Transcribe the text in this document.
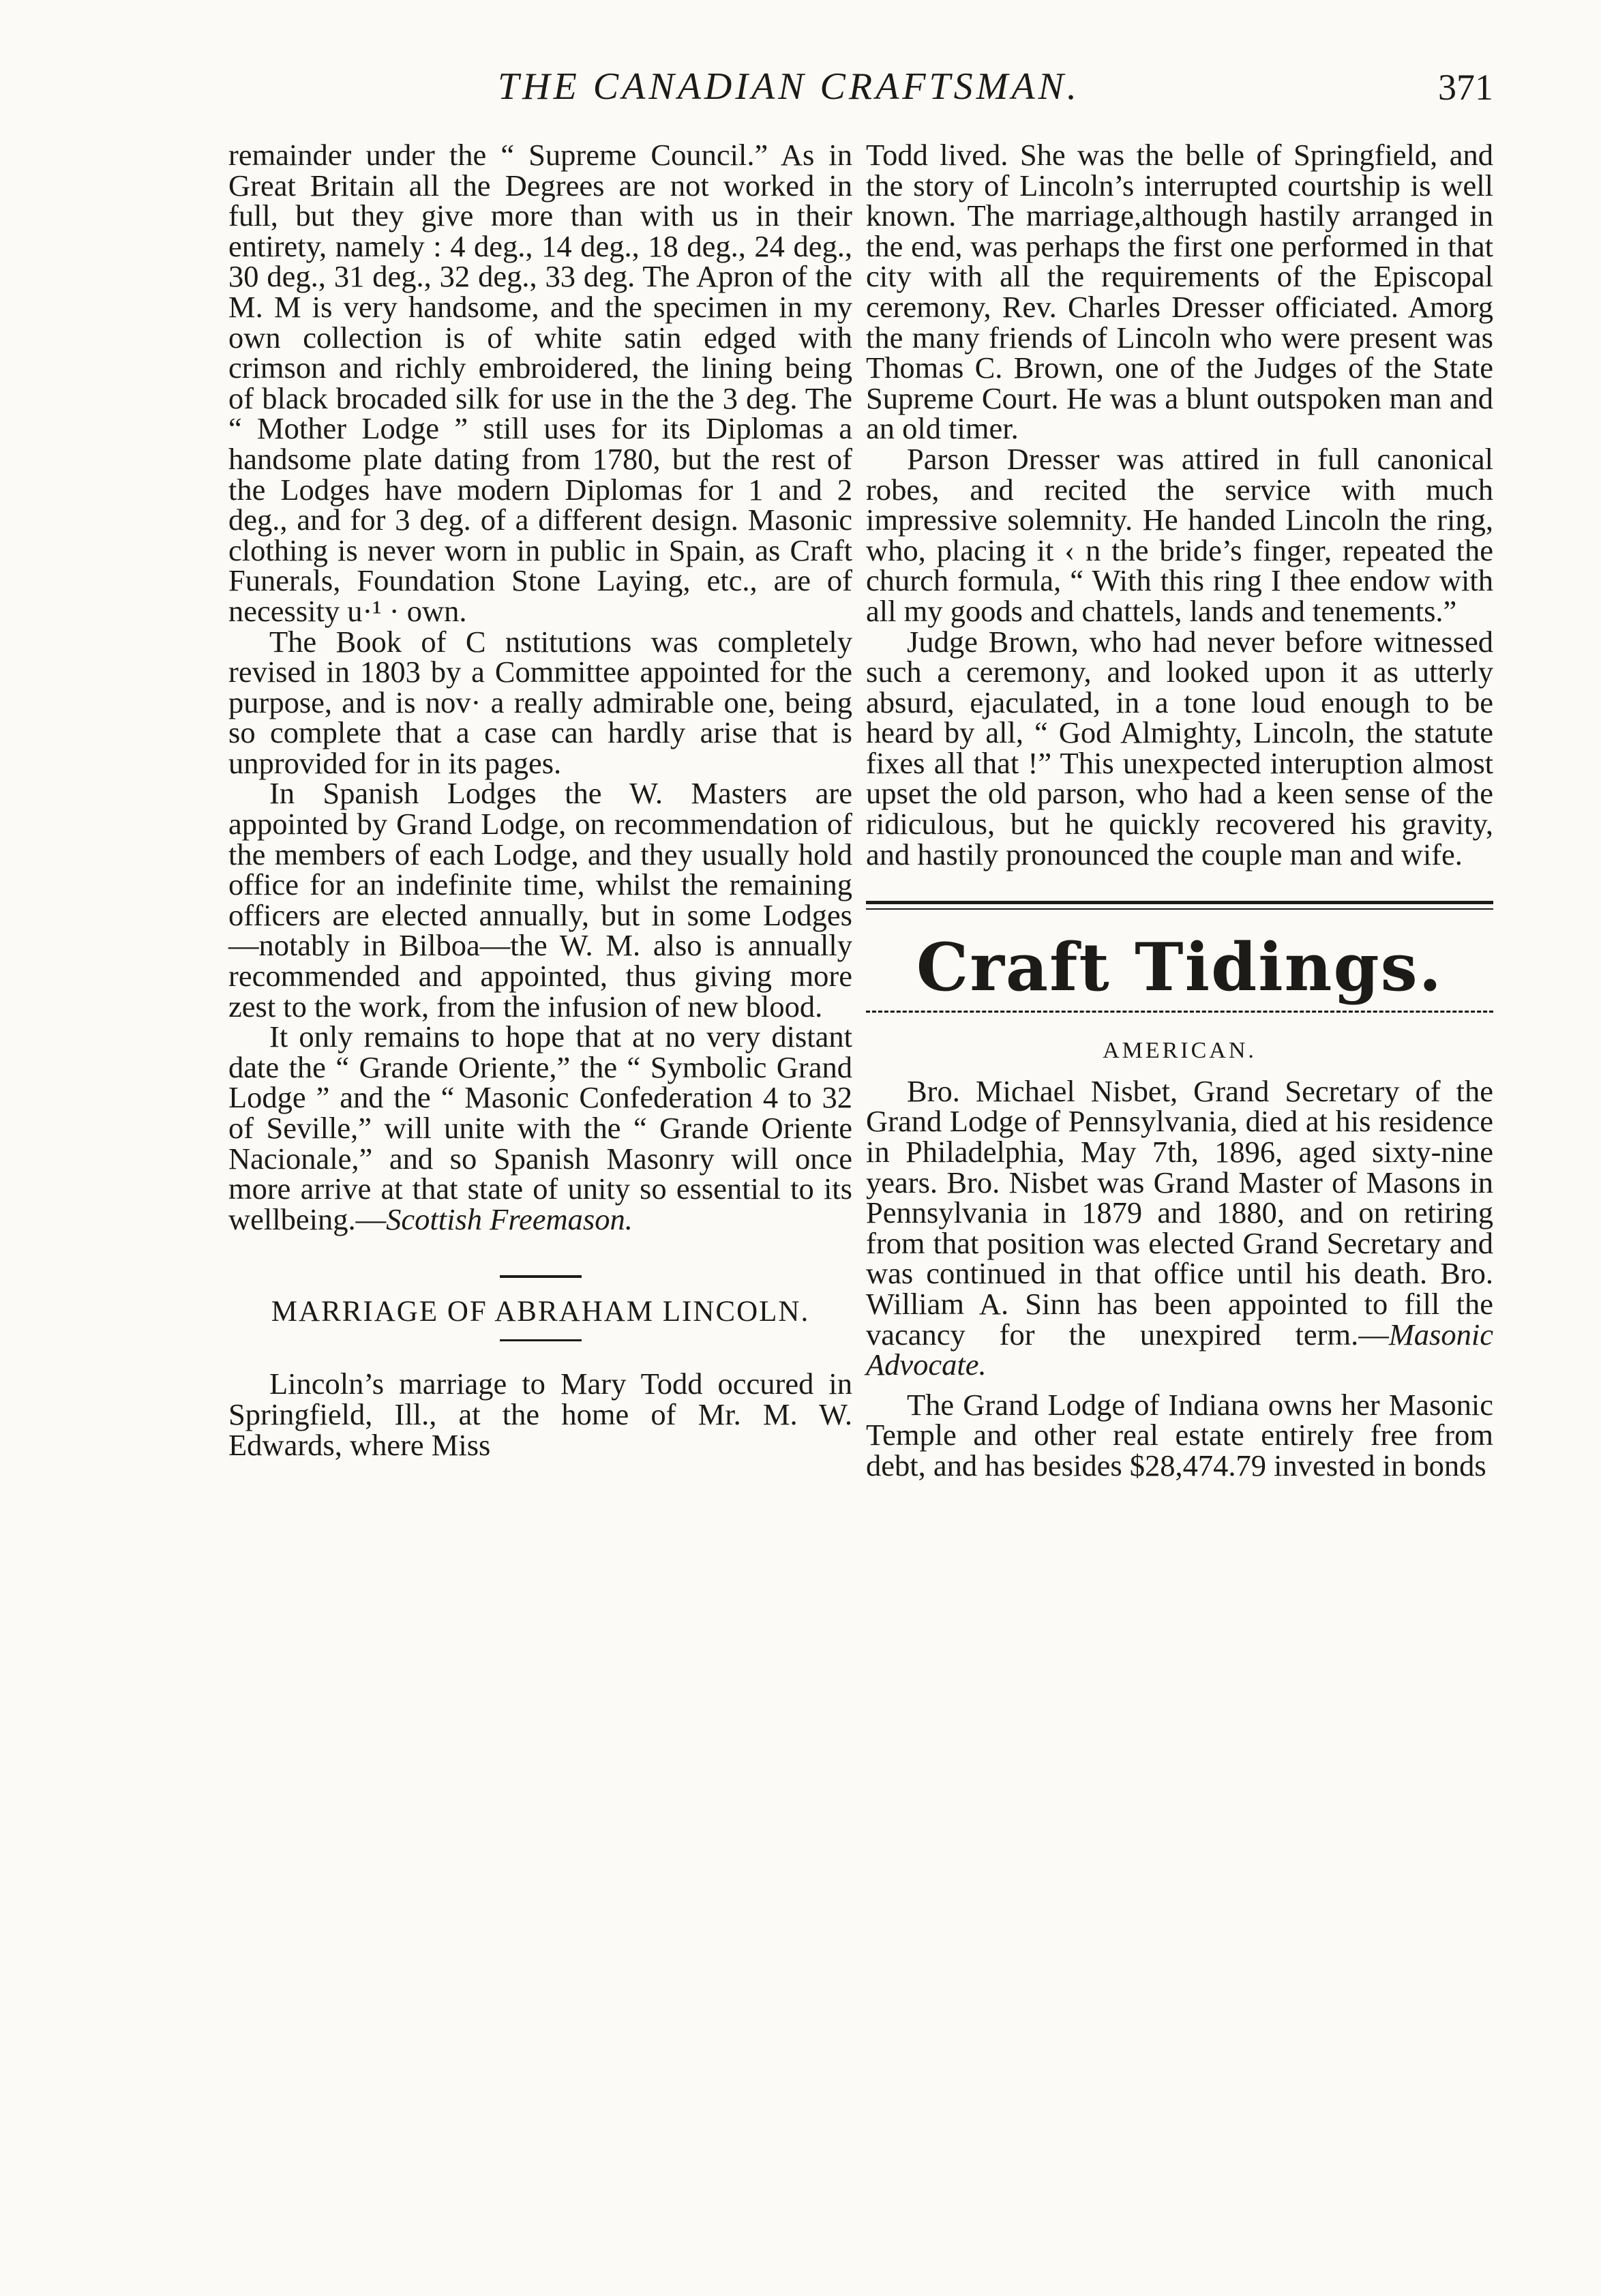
THE CANADIAN CRAFTSMAN.	371

remainder under the “ Supreme Council.” As in Great Britain all the Degrees are not worked in full, but they give more than with us in their entirety, namely : 4 deg., 14 deg., 18 deg., 24 deg., 30 deg., 31 deg., 32 deg., 33 deg. The Apron of the M. M is very handsome, and the specimen in my own collection is of white satin edged with crimson and richly embroidered, the lining being of black brocaded silk for use in the the 3 deg. The “ Mother Lodge ” still uses for its Diplomas a handsome plate dating from 1780, but the rest of the Lodges have modern Diplomas for 1 and 2 deg., and for 3 deg. of a different design. Masonic clothing is never worn in public in Spain, as Craft Funerals, Foundation Stone Laying, etc., are of necessity u·¹ · own.

The Book of C nstitutions was completely revised in 1803 by a Committee appointed for the purpose, and is nov· a really admirable one, being so complete that a case can hardly arise that is unprovided for in its pages.

In Spanish Lodges the W. Masters are appointed by Grand Lodge, on recommendation of the members of each Lodge, and they usually hold office for an indefinite time, whilst the remaining officers are elected annually, but in some Lodges—notably in Bilboa—the W. M. also is annually recommended and appointed, thus giving more zest to the work, from the infusion of new blood.

It only remains to hope that at no very distant date the “ Grande Oriente,” the “ Symbolic Grand Lodge ” and the “ Masonic Confederation 4 to 32 of Seville,” will unite with the “ Grande Oriente Nacionale,” and so Spanish Masonry will once more arrive at that state of unity so essential to its wellbeing.—Scottish Freemason.

MARRIAGE OF ABRAHAM LINCOLN.

Lincoln’s marriage to Mary Todd occured in Springfield, Ill., at the home of Mr. M. W. Edwards, where Miss

Todd lived. She was the belle of Springfield, and the story of Lincoln’s interrupted courtship is well known. The marriage,although hastily arranged in the end, was perhaps the first one performed in that city with all the requirements of the Episcopal ceremony, Rev. Charles Dresser officiated. Amorg the many friends of Lincoln who were present was Thomas C. Brown, one of the Judges of the State Supreme Court. He was a blunt outspoken man and an old timer.

Parson Dresser was attired in full canonical robes, and recited the service with much impressive solemnity. He handed Lincoln the ring, who, placing it ‹ n the bride’s finger, repeated the church formula, “ With this ring I thee endow with all my goods and chattels, lands and tenements.”

Judge Brown, who had never before witnessed such a ceremony, and looked upon it as utterly absurd, ejaculated, in a tone loud enough to be heard by all, “ God Almighty, Lincoln, the statute fixes all that !” This unexpected interuption almost upset the old parson, who had a keen sense of the ridiculous, but he quickly recovered his gravity, and hastily pronounced the couple man and wife.

Craft Tidings.
AMERICAN.

Bro. Michael Nisbet, Grand Secretary of the Grand Lodge of Pennsylvania, died at his residence in Philadelphia, May 7th, 1896, aged sixty-nine years. Bro. Nisbet was Grand Master of Masons in Pennsylvania in 1879 and 1880, and on retiring from that position was elected Grand Secretary and was continued in that office until his death. Bro. William A. Sinn has been appointed to fill the vacancy for the unexpired term.—Masonic Advocate.

The Grand Lodge of Indiana owns her Masonic Temple and other real estate entirely free from debt, and has besides $28,474.79 invested in bonds
